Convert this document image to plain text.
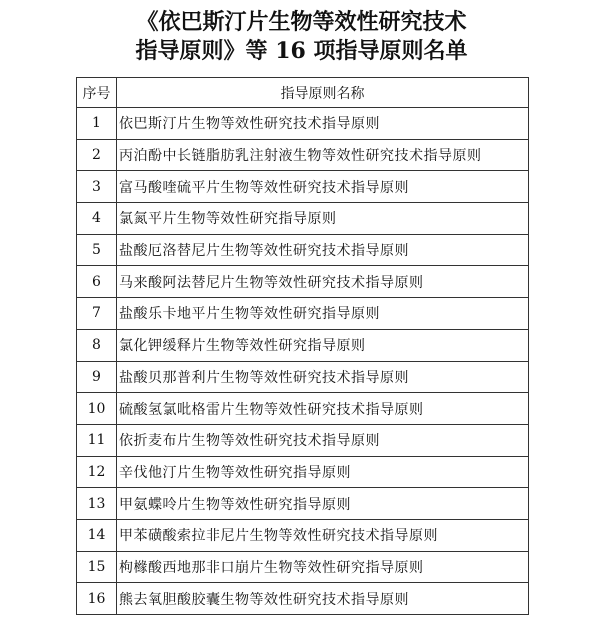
《依巴斯汀片生物等效性研究技术
指导原则》等 16 项指导原则名单
序号	指导原则名称
1	依巴斯汀片生物等效性研究技术指导原则
2	丙泊酚中长链脂肪乳注射液生物等效性研究技术指导原则
3	富马酸喹硫平片生物等效性研究技术指导原则
4	氯氮平片生物等效性研究指导原则
5	盐酸厄洛替尼片生物等效性研究技术指导原则
6	马来酸阿法替尼片生物等效性研究技术指导原则
7	盐酸乐卡地平片生物等效性研究指导原则
8	氯化钾缓释片生物等效性研究指导原则
9	盐酸贝那普利片生物等效性研究技术指导原则
10	硫酸氢氯吡格雷片生物等效性研究技术指导原则
11	依折麦布片生物等效性研究技术指导原则
12	辛伐他汀片生物等效性研究指导原则
13	甲氨蝶呤片生物等效性研究指导原则
14	甲苯磺酸索拉非尼片生物等效性研究技术指导原则
15	枸橼酸西地那非口崩片生物等效性研究指导原则
16	熊去氧胆酸胶囊生物等效性研究技术指导原则
